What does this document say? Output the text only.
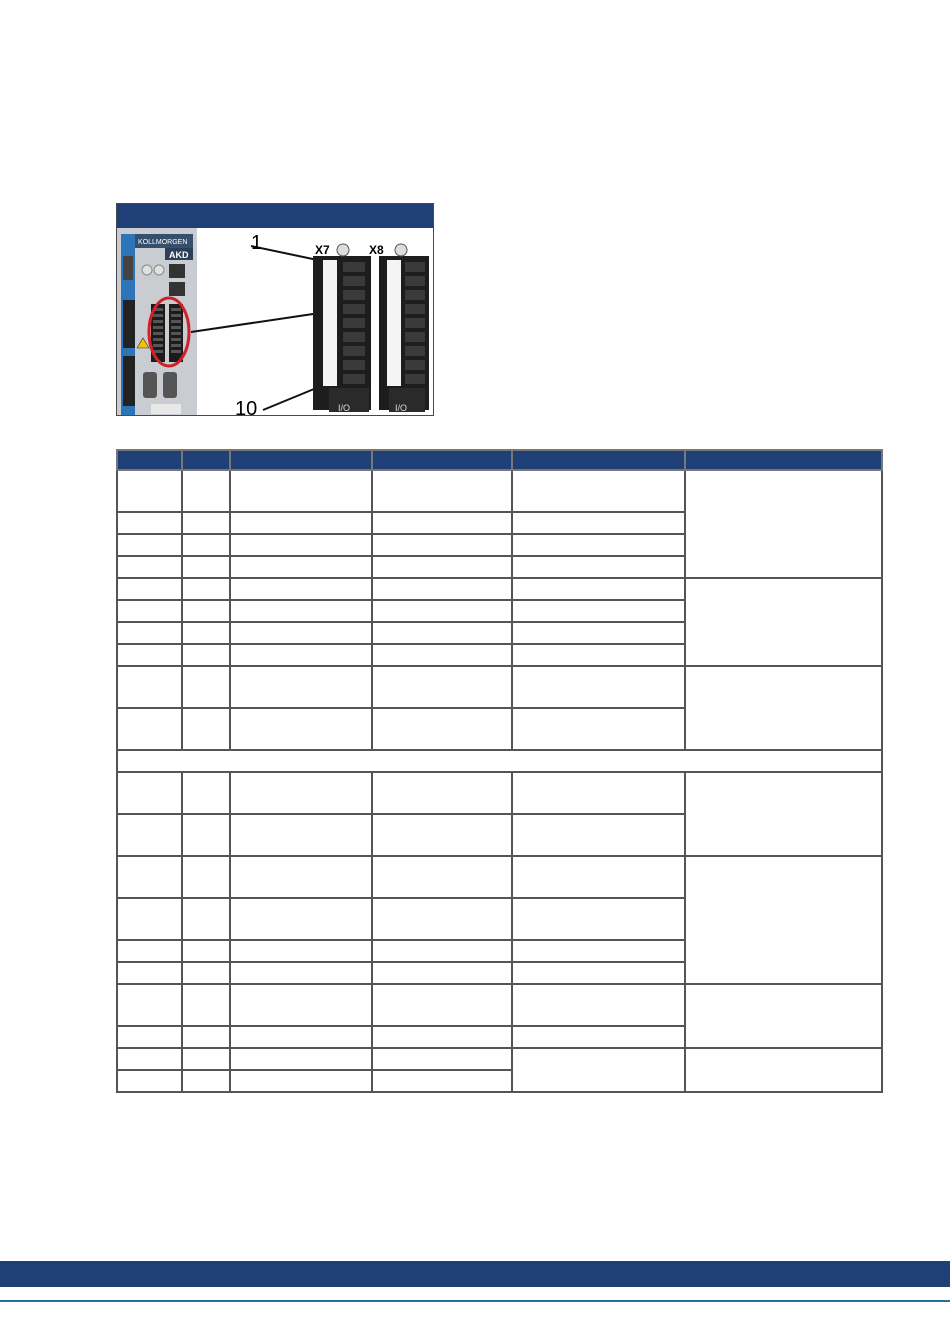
KOLLMORGEN
AKD
I/O	I/O
X7	X8
1
10
